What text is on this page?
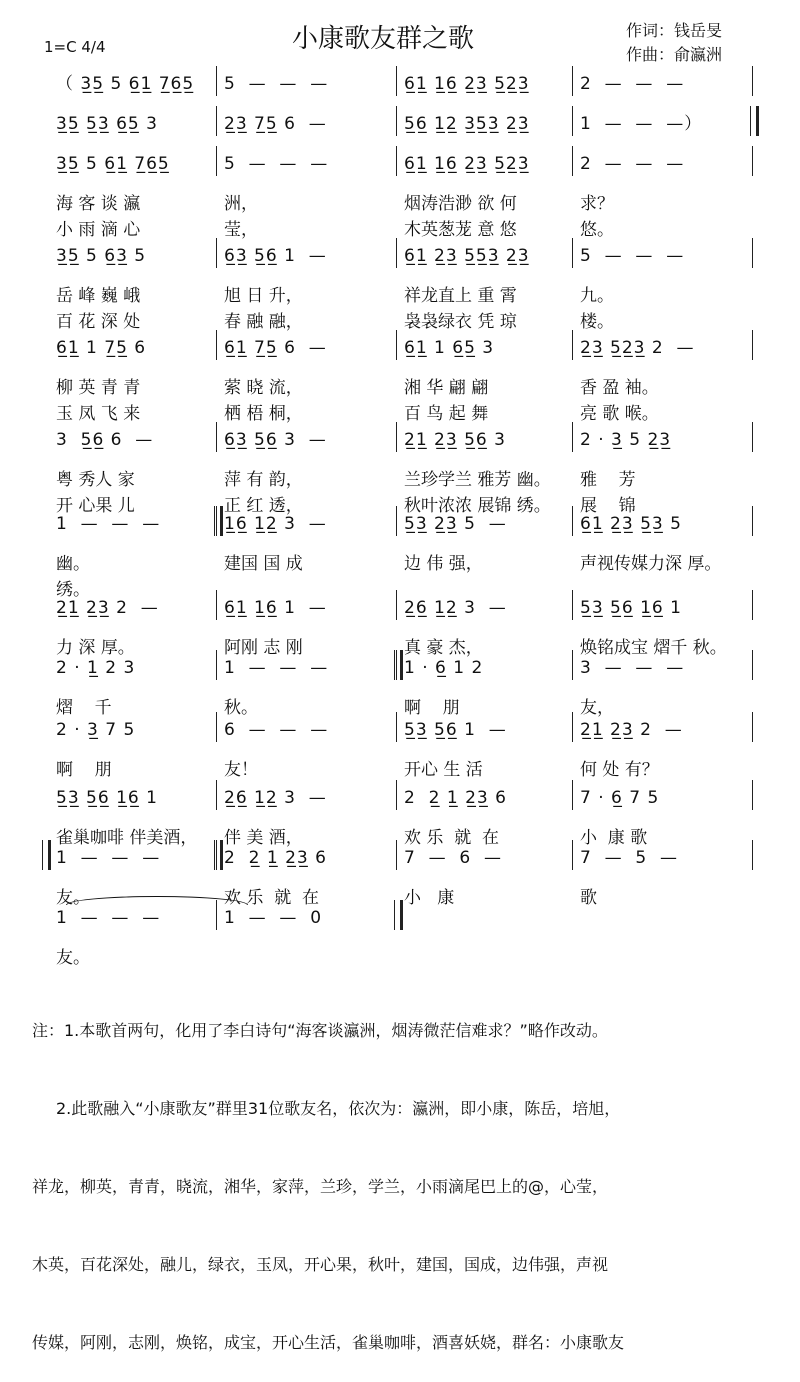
小康歌友群之歌
1=C 4/4
作词：钱岳旻
作曲：俞瀛洲
（ 3̲5̲ 5 6̲1̲ 7̲6̲5̲ 5  —  —  —	6̲1̲ 1̲6̲ 2̲3̲ 5̲2̲3̲	2  —  —  —
3̲5̲ 5̲3̲ 6̲5̲ 3	2̲3̲ 7̲5̲ 6  —	5̲6̲ 1̲2̲ 3̲5̲3̲ 2̲3̲	1  —  —  —）
3̲5̲ 5 6̲1̲ 7̲6̲5̲	5  —  —  —	6̲1̲ 1̲6̲ 2̲3̲ 5̲2̲3̲	2  —  —  —
海 客 谈 瀛	洲，	烟涛浩渺 欲 何	求？
小 雨 滴 心	莹，	木英葱茏 意 悠	悠。
3̲5̲ 5 6̲3̲ 5	6̲3̲ 5̲6̲ 1  —	6̲1̲ 2̲3̲ 5̲5̲3̲ 2̲3̲	5  —  —  —
岳 峰 巍 峨	旭 日 升，	祥龙直上 重 霄	九。
百 花 深 处	春 融 融，	袅袅绿衣 凭 琼	楼。
6̲1̲ 1 7̲5̲ 6	6̲1̲ 7̲5̲ 6  —	6̲1̲ 1 6̲5̲ 3	2̲3̲ 5̲2̲3̲ 2  —
柳 英 青 青	萦 晓 流，	湘 华 翩 翩	香 盈 袖。
玉 凤 飞 来	栖 梧 桐，	百 鸟 起 舞	亮 歌 喉。
3  5̲6̲ 6  —	6̲3̲ 5̲6̲ 3  —	2̲1̲ 2̲3̲ 5̲6̲ 3	2 · 3̲ 5 2̲3̲
粤 秀人 家	萍 有 韵，	兰珍学兰 雅芳 幽。 雅    芳
开 心果 儿	正 红 透，	秋叶浓浓 展锦 绣。 展    锦
1  —  —  —	1̲6̲ 1̲2̲ 3  —	5̲3̲ 2̲3̲ 5  —	6̲1̲ 2̲3̲ 5̲3̲ 5
幽。	建国 国 成	边 伟 强，	声视传媒力深 厚。
绣。
2̲1̲ 2̲3̲ 2  —	6̲1̲ 1̲6̲ 1  —	2̲6̲ 1̲2̲ 3  —	5̲3̲ 5̲6̲ 1̲6̲ 1
力 深 厚。	阿刚 志 刚	真 豪 杰，	焕铭成宝 熠千 秋。
2 · 1̲ 2 3	1  —  —  —	1 · 6̲ 1 2	3  —  —  —
熠    千	秋。	啊    朋	友，
2 · 3̲ 7 5	6  —  —  —	5̲3̲ 5̲6̲ 1  —	2̲1̲ 2̲3̲ 2  —
啊    朋	友！	开心 生 活	何 处 有？
5̲3̲ 5̲6̲ 1̲6̲ 1	2̲6̲ 1̲2̲ 3  —	2  2̲ 1̲ 2̲3̲ 6	7 · 6̲ 7 5
雀巢咖啡 伴美酒， 伴 美 酒，	欢 乐  就  在	小  康 歌
1  —  —  —	2  2̲ 1̲ 2̲3̲ 6	7  —  6  —	7  —  5  —
友。	欢 乐  就  在	小   康	歌
1  —  —  —	1  —  —  0
友。

注：1.本歌首两句，化用了李白诗句“海客谈瀛洲，烟涛微茫信难求？”略作改动。

2.此歌融入“小康歌友”群里31位歌友名，依次为：瀛洲，即小康，陈岳，培旭，

祥龙，柳英，青青，晓流，湘华，家萍，兰珍，学兰，小雨滴尾巴上的@，心莹，

木英，百花深处，融儿，绿衣，玉凤，开心果，秋叶，建国，国成，边伟强，声视

传媒，阿刚，志刚，焕铭，成宝，开心生活，雀巢咖啡，酒喜妖娆，群名：小康歌友
